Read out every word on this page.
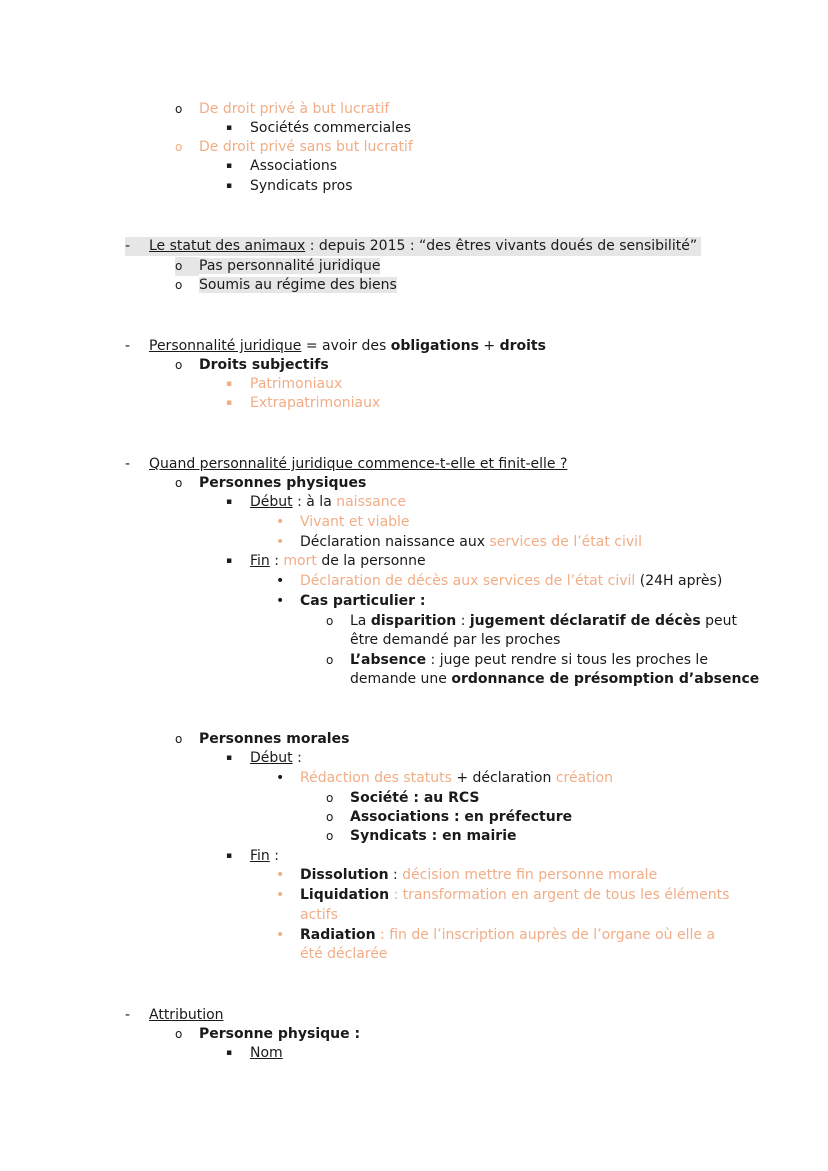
o De droit privé à but lucratif
▪ Sociétés commerciales
o De droit privé sans but lucratif
▪ Associations
▪ Syndicats pros
- Le statut des animaux : depuis 2015 : “des êtres vivants doués de sensibilité”
o Pas personnalité juridique
o Soumis au régime des biens
- Personnalité juridique = avoir des obligations + droits
o Droits subjectifs
▪ Patrimoniaux
▪ Extrapatrimoniaux
- Quand personnalité juridique commence-t-elle et finit-elle ?
o Personnes physiques
▪ Début : à la naissance
• Vivant et viable
• Déclaration naissance aux services de l’état civil
▪ Fin : mort de la personne
• Déclaration de décès aux services de l’état civil (24H après)
• Cas particulier :
o La disparition : jugement déclaratif de décès peut
être demandé par les proches
o L’absence : juge peut rendre si tous les proches le
demande une ordonnance de présomption d’absence
o Personnes morales
▪ Début :
• Rédaction des statuts + déclaration création
o Société : au RCS
o Associations : en préfecture
o Syndicats : en mairie
▪ Fin :
• Dissolution : décision mettre fin personne morale
• Liquidation : transformation en argent de tous les éléments
actifs
• Radiation : fin de l’inscription auprès de l’organe où elle a
été déclarée
- Attribution
o Personne physique :
▪ Nom
